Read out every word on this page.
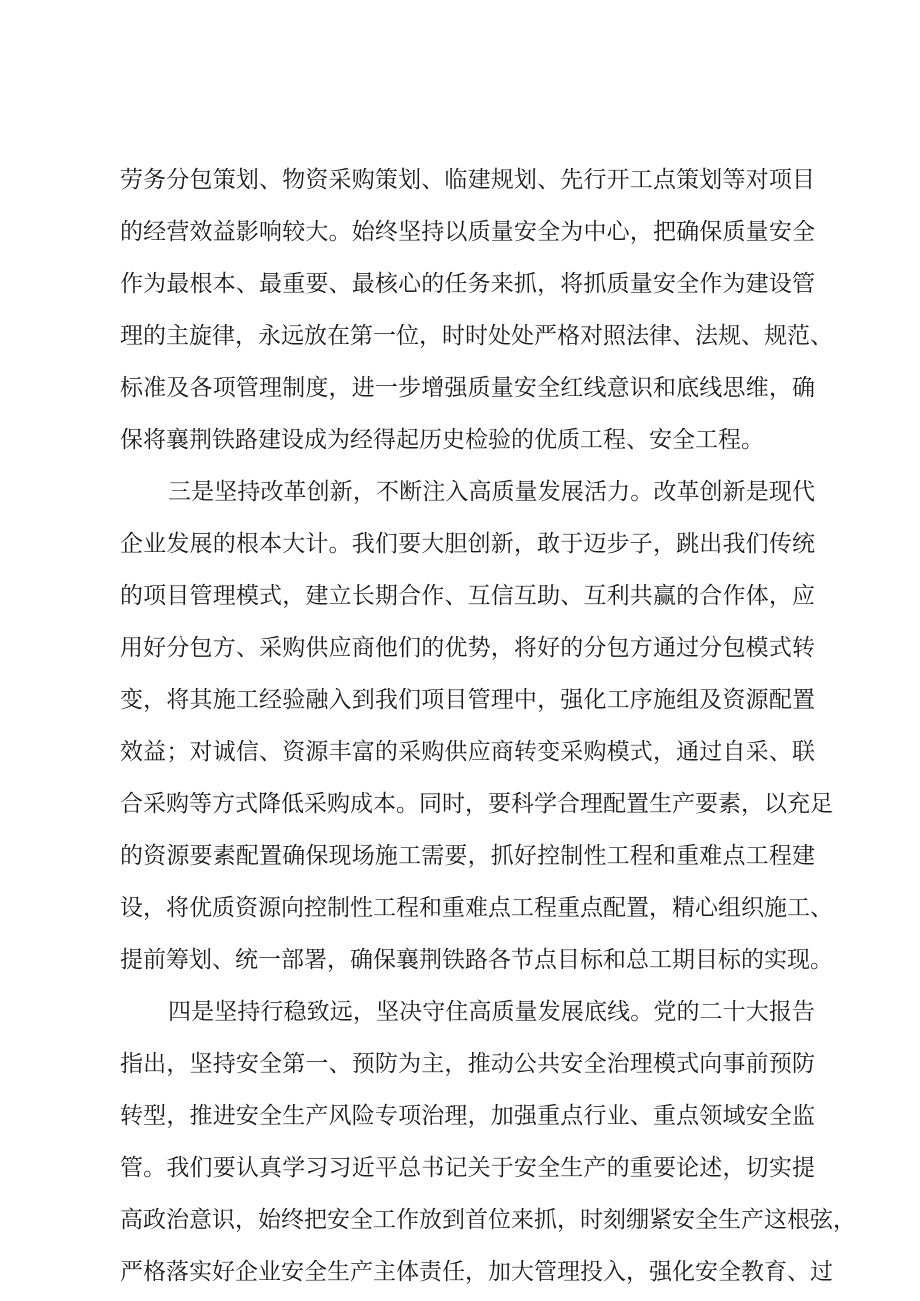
劳务分包策划、物资采购策划、临建规划、先行开工点策划等对项目
的经营效益影响较大。始终坚持以质量安全为中心，把确保质量安全
作为最根本、最重要、最核心的任务来抓，将抓质量安全作为建设管
理的主旋律，永远放在第一位，时时处处严格对照法律、法规、规范、
标准及各项管理制度，进一步增强质量安全红线意识和底线思维，确
保将襄荆铁路建设成为经得起历史检验的优质工程、安全工程。
三是坚持改革创新，不断注入高质量发展活力。改革创新是现代
企业发展的根本大计。我们要大胆创新，敢于迈步子，跳出我们传统
的项目管理模式，建立长期合作、互信互助、互利共赢的合作体，应
用好分包方、采购供应商他们的优势，将好的分包方通过分包模式转
变，将其施工经验融入到我们项目管理中，强化工序施组及资源配置
效益；对诚信、资源丰富的采购供应商转变采购模式，通过自采、联
合采购等方式降低采购成本。同时，要科学合理配置生产要素，以充足
的资源要素配置确保现场施工需要，抓好控制性工程和重难点工程建
设，将优质资源向控制性工程和重难点工程重点配置，精心组织施工、
提前筹划、统一部署，确保襄荆铁路各节点目标和总工期目标的实现。
四是坚持行稳致远，坚决守住高质量发展底线。党的二十大报告
指出，坚持安全第一、预防为主，推动公共安全治理模式向事前预防
转型，推进安全生产风险专项治理，加强重点行业、重点领域安全监
管。我们要认真学习习近平总书记关于安全生产的重要论述，切实提
高政治意识，始终把安全工作放到首位来抓，时刻绷紧安全生产这根弦，
严格落实好企业安全生产主体责任，加大管理投入，强化安全教育、过
